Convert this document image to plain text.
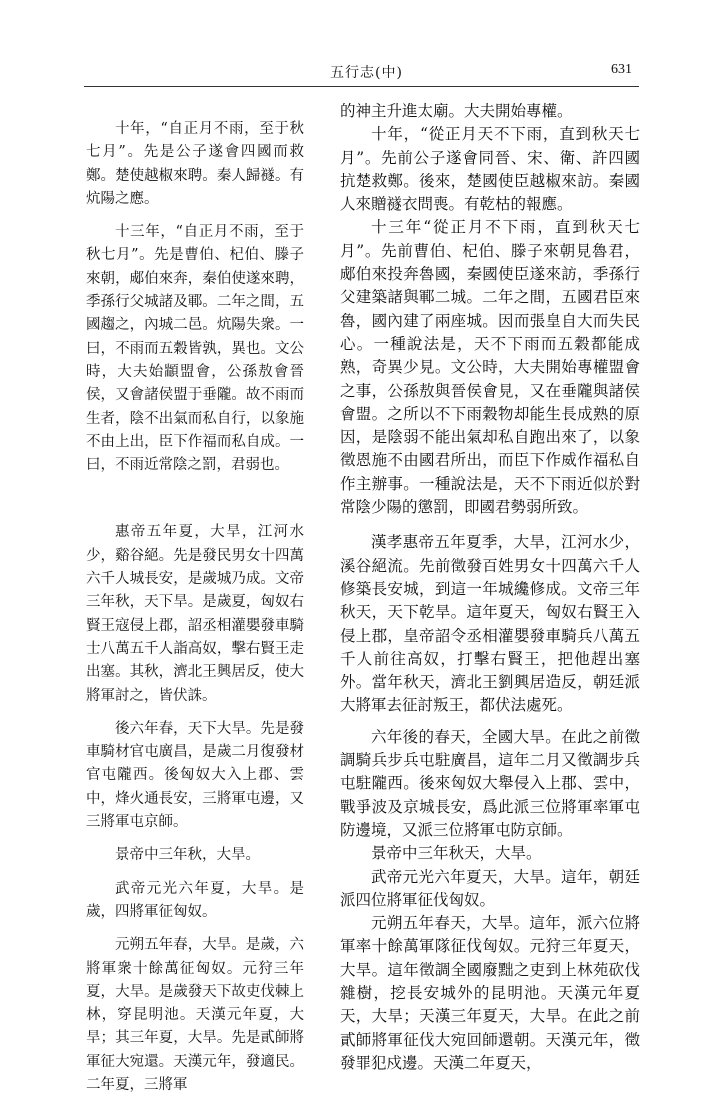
五行志(中)	631

十年，“自正月不雨，至于秋七月”。先是公子遂會四國而救鄭。楚使越椒來聘。秦人歸襚。有炕陽之應。

十三年，“自正月不雨，至于秋七月”。先是曹伯、杞伯、滕子來朝，郕伯來奔，秦伯使遂來聘，季孫行父城諸及鄆。二年之間，五國趨之，內城二邑。炕陽失衆。一曰，不雨而五穀皆孰，異也。文公時，大夫始顓盟會，公孫敖會晉侯，又會諸侯盟于垂隴。故不雨而生者，陰不出氣而私自行，以象施不由上出，臣下作福而私自成。一曰，不雨近常陰之罰，君弱也。

惠帝五年夏，大旱，江河水少，谿谷絕。先是發民男女十四萬六千人城長安，是歲城乃成。文帝三年秋，天下旱。是歲夏，匈奴右賢王寇侵上郡，詔丞相灌嬰發車騎士八萬五千人詣高奴，擊右賢王走出塞。其秋，濟北王興居反，使大將軍討之，皆伏誅。

後六年春，天下大旱。先是發車騎材官屯廣昌，是歲二月復發材官屯隴西。後匈奴大入上郡、雲中，烽火通長安，三將軍屯邊，又三將軍屯京師。

景帝中三年秋，大旱。

武帝元光六年夏，大旱。是歲，四將軍征匈奴。

元朔五年春，大旱。是歲，六將軍衆十餘萬征匈奴。元狩三年夏，大旱。是歲發天下故吏伐棘上林，穿昆明池。天漢元年夏，大旱；其三年夏，大旱。先是貳師將軍征大宛還。天漢元年，發適民。二年夏，三將軍

的神主升進太廟。大夫開始專權。

十年，“從正月天不下雨，直到秋天七月”。先前公子遂會同晉、宋、衛、許四國抗楚救鄭。後來，楚國使臣越椒來訪。秦國人來贈襚衣問喪。有乾枯的報應。

十三年“從正月不下雨，直到秋天七月”。先前曹伯、杞伯、滕子來朝見魯君，郕伯來投奔魯國，秦國使臣遂來訪，季孫行父建築諸與鄆二城。二年之間，五國君臣來魯，國內建了兩座城。因而張皇自大而失民心。一種說法是，天不下雨而五穀都能成熟，奇異少見。文公時，大夫開始專權盟會之事，公孫敖與晉侯會見，又在垂隴與諸侯會盟。之所以不下雨穀物却能生長成熟的原因，是陰弱不能出氣却私自跑出來了，以象徵恩施不由國君所出，而臣下作威作福私自作主辦事。一種說法是，天不下雨近似於對常陰少陽的懲罰，即國君勢弱所致。

漢孝惠帝五年夏季，大旱，江河水少，溪谷絕流。先前徵發百姓男女十四萬六千人修築長安城，到這一年城纔修成。文帝三年秋天，天下乾旱。這年夏天，匈奴右賢王入侵上郡，皇帝詔令丞相灌嬰發車騎兵八萬五千人前往高奴，打擊右賢王，把他趕出塞外。當年秋天，濟北王劉興居造反，朝廷派大將軍去征討叛王，都伏法處死。

六年後的春天，全國大旱。在此之前徵調騎兵步兵屯駐廣昌，這年二月又徵調步兵屯駐隴西。後來匈奴大舉侵入上郡、雲中，戰爭波及京城長安，爲此派三位將軍率軍屯防邊境，又派三位將軍屯防京師。

景帝中三年秋天，大旱。

武帝元光六年夏天，大旱。這年，朝廷派四位將軍征伐匈奴。

元朔五年春天，大旱。這年，派六位將軍率十餘萬軍隊征伐匈奴。元狩三年夏天，大旱。這年徵調全國廢黜之吏到上林苑砍伐雜樹，挖長安城外的昆明池。天漢元年夏天，大旱；天漢三年夏天，大旱。在此之前貳師將軍征伐大宛回師還朝。天漢元年，徵發罪犯戍邊。天漢二年夏天，
